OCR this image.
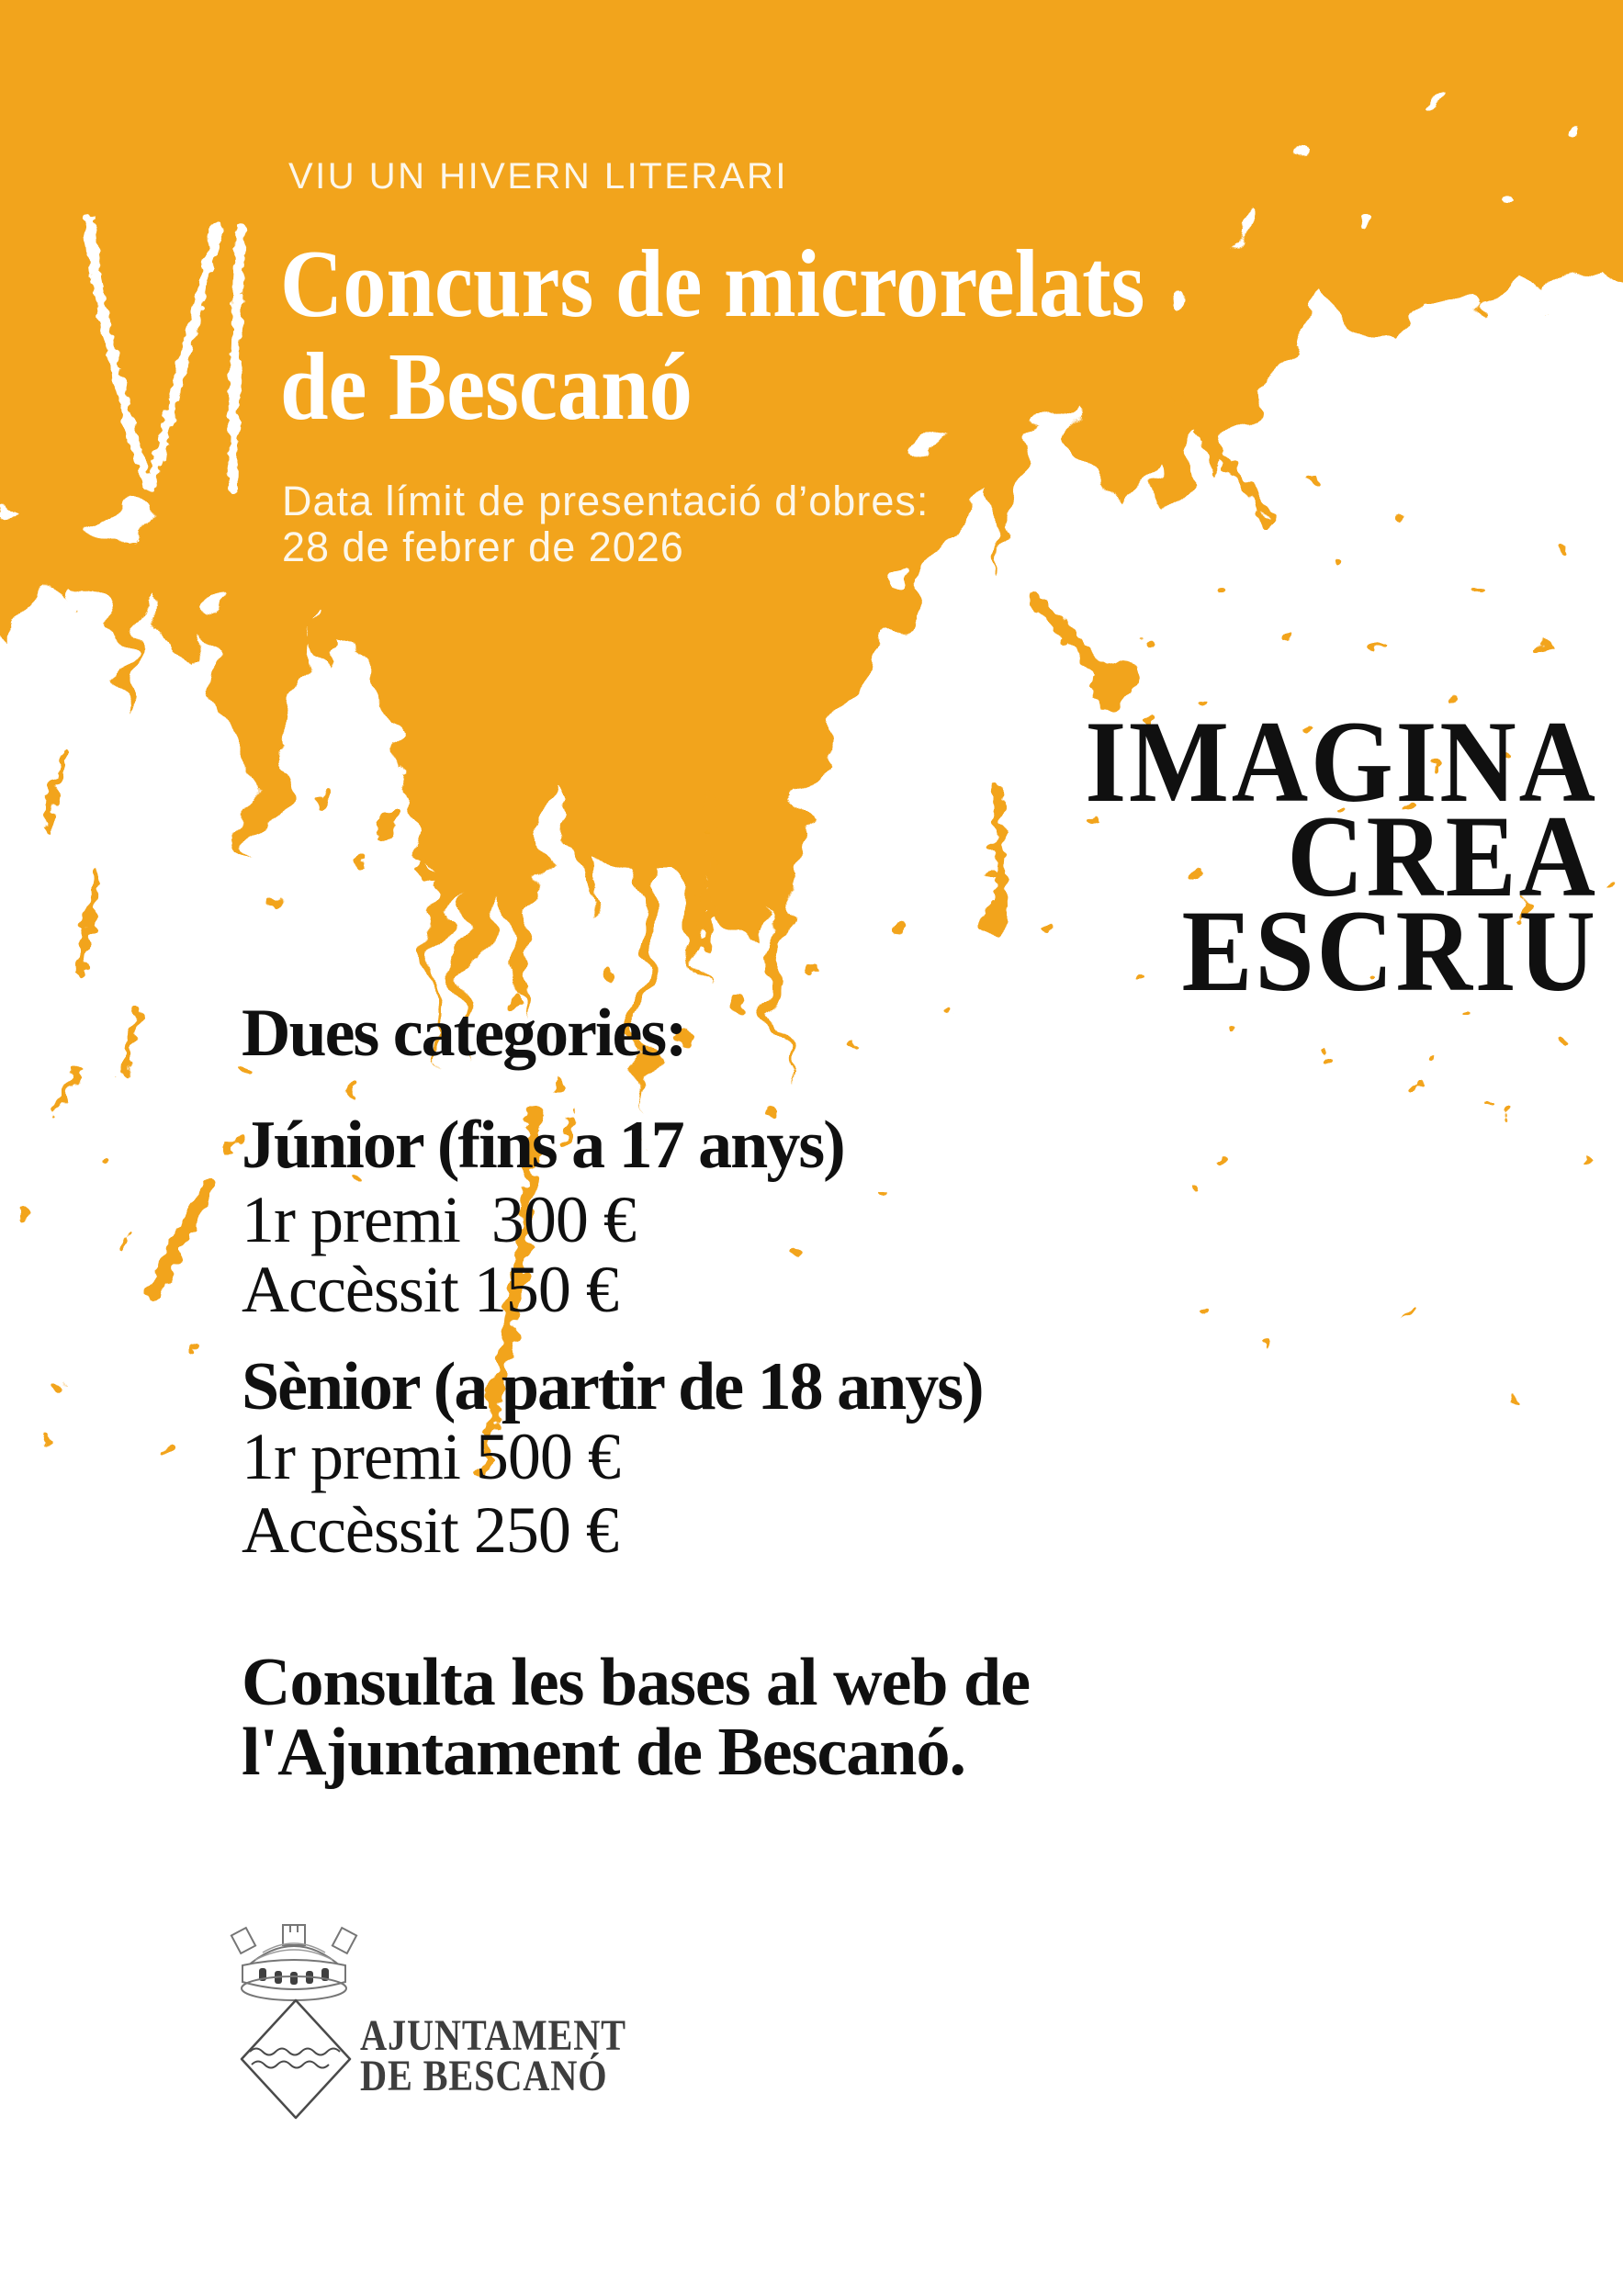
VIU UN HIVERN LITERARI
Concurs de microrelats
de Bescanó
Data límit de presentació d’obres:
28 de febrer de 2026
IMAGINA
CREA
ESCRIU
Dues categories:
Júnior (fins a 17 anys)
1r premi  300 €
Accèssit 150 €
Sènior (a partir de 18 anys)
1r premi 500 €
Accèssit 250 €
Consulta les bases al web de
l'Ajuntament de Bescanó.
AJUNTAMENT
DE BESCANÓ
